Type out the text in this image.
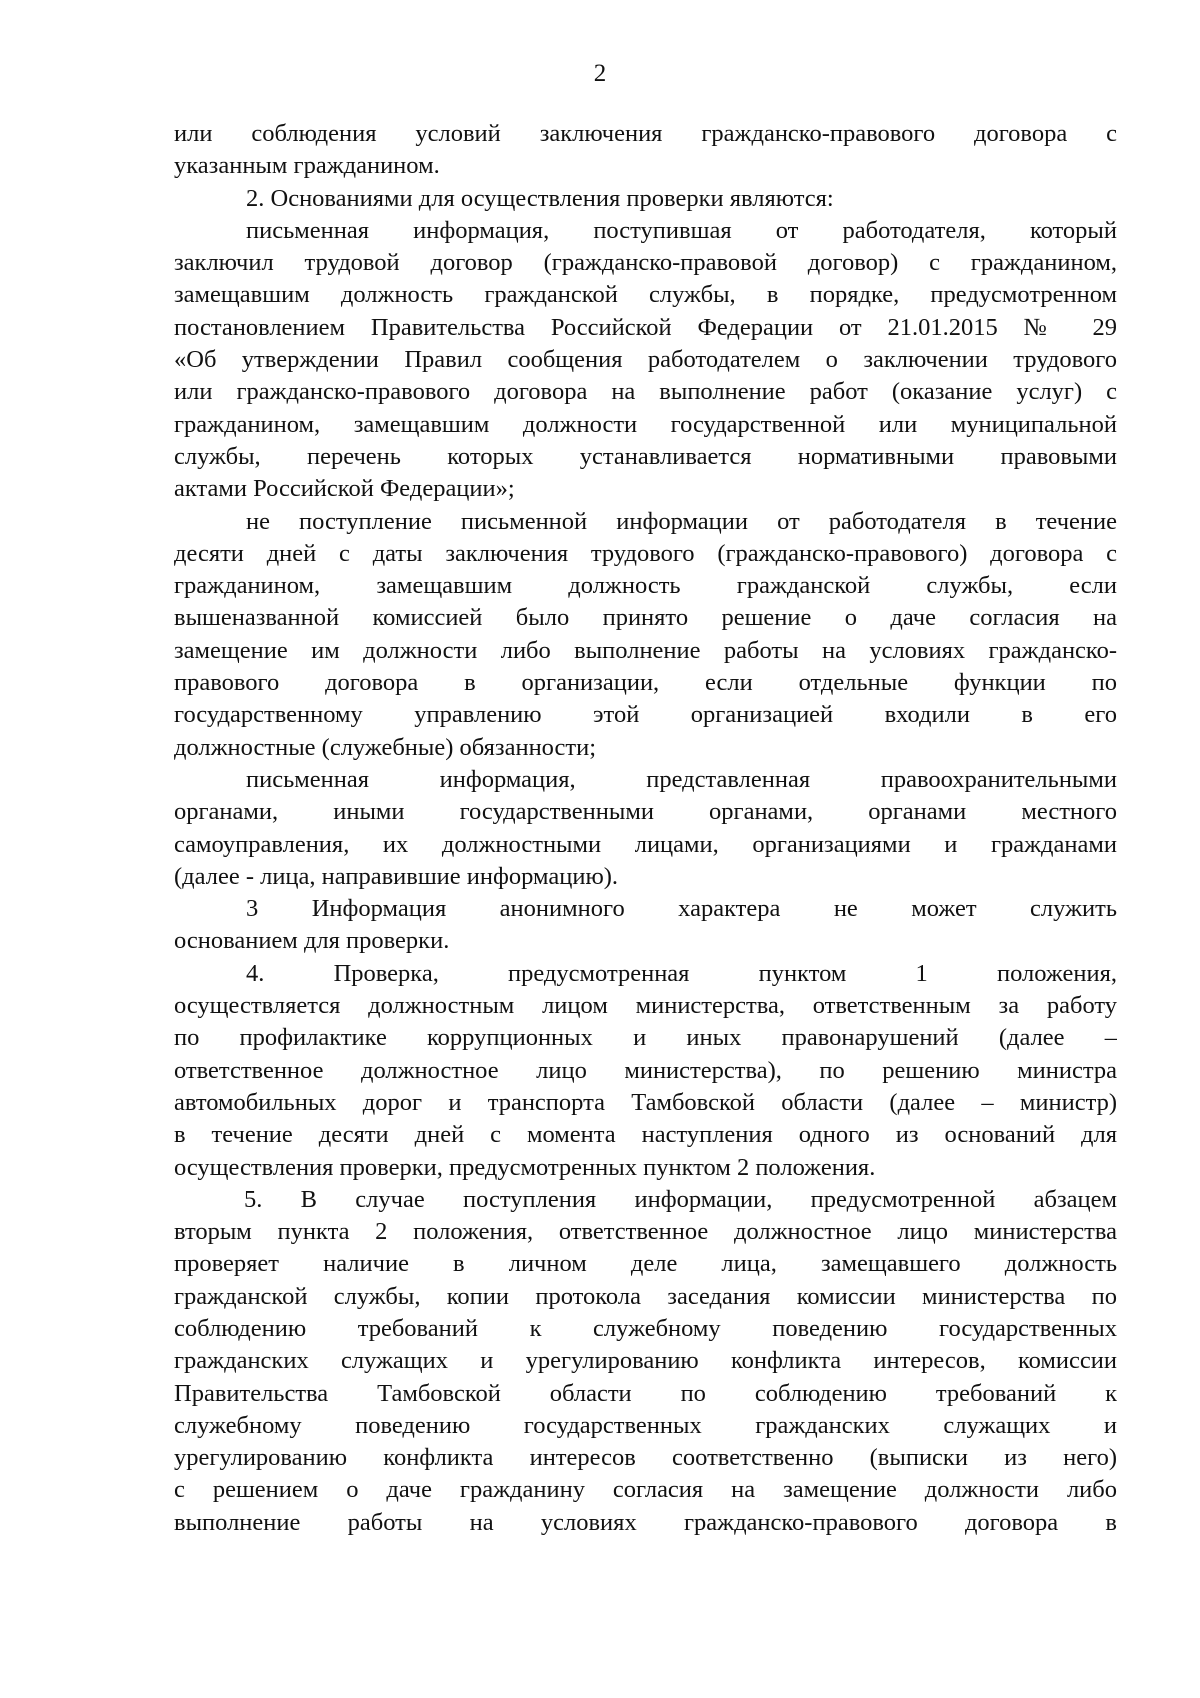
2
или соблюдения условий заключения гражданско-правового договора с
указанным гражданином.
2. Основаниями для осуществления проверки являются:
письменная информация, поступившая от работодателя, который
заключил трудовой договор (гражданско-правовой договор) с гражданином,
замещавшим должность гражданской службы, в порядке, предусмотренном
постановлением Правительства Российской Федерации от 21.01.2015 № 29
«Об утверждении Правил сообщения работодателем о заключении трудового
или гражданско-правового договора на выполнение работ (оказание услуг) с
гражданином, замещавшим должности государственной или муниципальной
службы, перечень которых устанавливается нормативными правовыми
актами Российской Федерации»;
не поступление письменной информации от работодателя в течение
десяти дней с даты заключения трудового (гражданско-правового) договора с
гражданином, замещавшим должность гражданской службы, если
вышеназванной комиссией было принято решение о даче согласия на
замещение им должности либо выполнение работы на условиях гражданско-
правового договора в организации, если отдельные функции по
государственному управлению этой организацией входили в его
должностные (служебные) обязанности;
письменная информация, представленная правоохранительными
органами, иными государственными органами, органами местного
самоуправления, их должностными лицами, организациями и гражданами
(далее - лица, направившие информацию).
3 Информация анонимного характера не может служить
основанием для проверки.
4. Проверка, предусмотренная пунктом 1 положения,
осуществляется должностным лицом министерства, ответственным за работу
по профилактике коррупционных и иных правонарушений (далее –
ответственное должностное лицо министерства), по решению министра
автомобильных дорог и транспорта Тамбовской области (далее – министр)
в течение десяти дней с момента наступления одного из оснований для
осуществления проверки, предусмотренных пунктом 2 положения.
5. В случае поступления информации, предусмотренной абзацем
вторым пункта 2 положения, ответственное должностное лицо министерства
проверяет наличие в личном деле лица, замещавшего должность
гражданской службы, копии протокола заседания комиссии министерства по
соблюдению требований к служебному поведению государственных
гражданских служащих и урегулированию конфликта интересов, комиссии
Правительства Тамбовской области по соблюдению требований к
служебному поведению государственных гражданских служащих и
урегулированию конфликта интересов соответственно (выписки из него)
с решением о даче гражданину согласия на замещение должности либо
выполнение работы на условиях гражданско-правового договора в
